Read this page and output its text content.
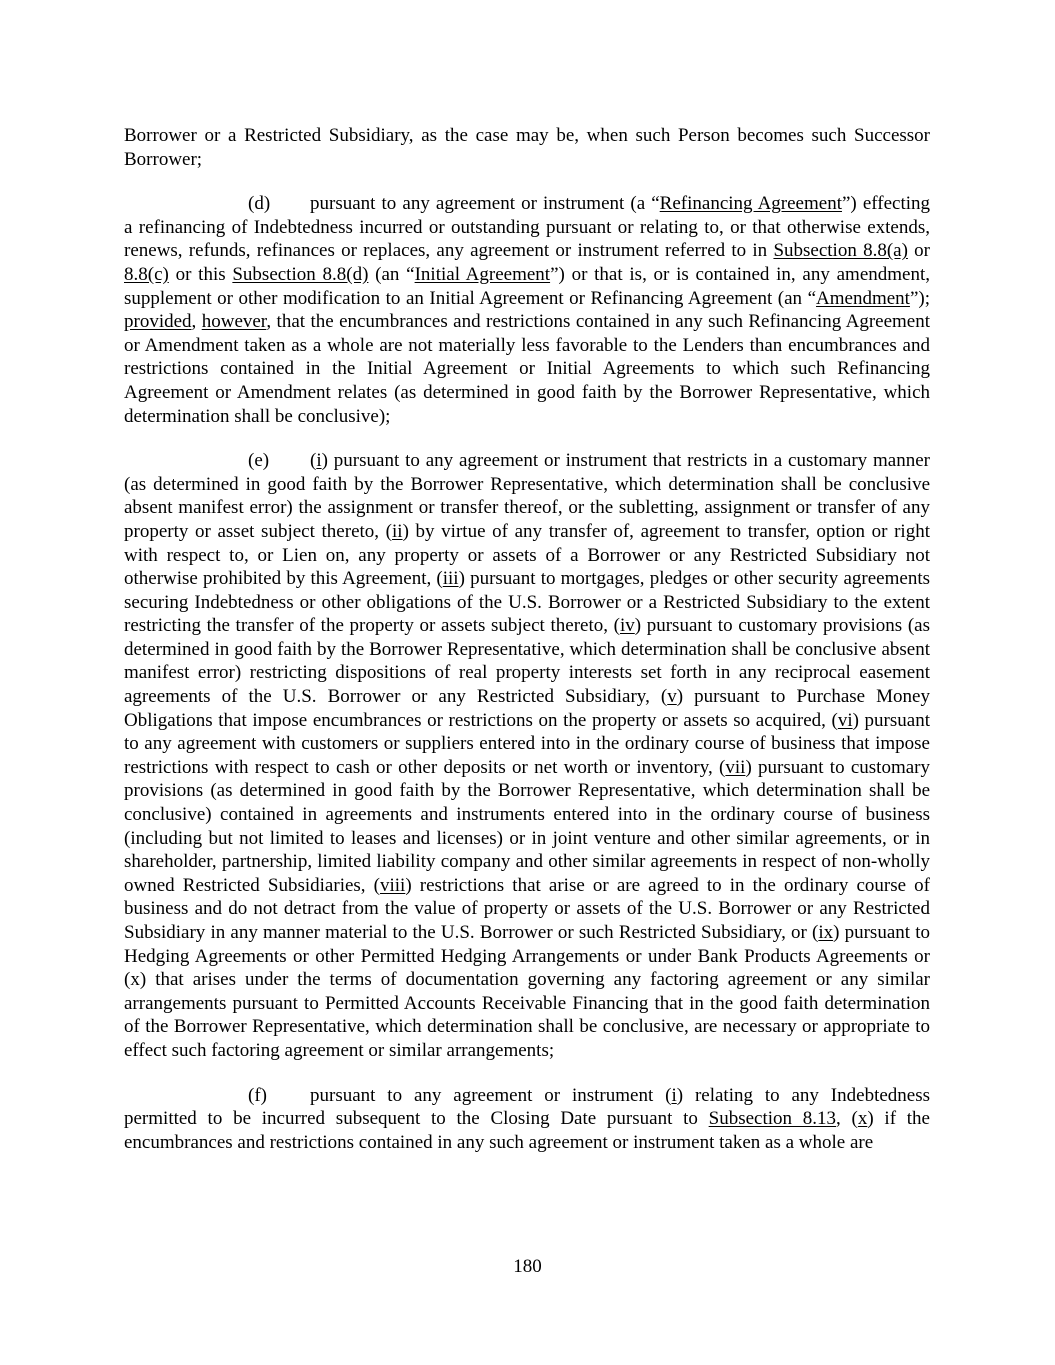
Borrower or a Restricted Subsidiary, as the case may be, when such Person becomes such Successor Borrower;

(d) pursuant to any agreement or instrument (a “Refinancing Agreement”) effecting a refinancing of Indebtedness incurred or outstanding pursuant or relating to, or that otherwise extends, renews, refunds, refinances or replaces, any agreement or instrument referred to in Subsection 8.8(a) or 8.8(c) or this Subsection 8.8(d) (an “Initial Agreement”) or that is, or is contained in, any amendment, supplement or other modification to an Initial Agreement or Refinancing Agreement (an “Amendment”); provided, however, that the encumbrances and restrictions contained in any such Refinancing Agreement or Amendment taken as a whole are not materially less favorable to the Lenders than encumbrances and restrictions contained in the Initial Agreement or Initial Agreements to which such Refinancing Agreement or Amendment relates (as determined in good faith by the Borrower Representative, which determination shall be conclusive);

(e) (i) pursuant to any agreement or instrument that restricts in a customary manner (as determined in good faith by the Borrower Representative, which determination shall be conclusive absent manifest error) the assignment or transfer thereof, or the subletting, assignment or transfer of any property or asset subject thereto, (ii) by virtue of any transfer of, agreement to transfer, option or right with respect to, or Lien on, any property or assets of a Borrower or any Restricted Subsidiary not otherwise prohibited by this Agreement, (iii) pursuant to mortgages, pledges or other security agreements securing Indebtedness or other obligations of the U.S. Borrower or a Restricted Subsidiary to the extent restricting the transfer of the property or assets subject thereto, (iv) pursuant to customary provisions (as determined in good faith by the Borrower Representative, which determination shall be conclusive absent manifest error) restricting dispositions of real property interests set forth in any reciprocal easement agreements of the U.S. Borrower or any Restricted Subsidiary, (v) pursuant to Purchase Money Obligations that impose encumbrances or restrictions on the property or assets so acquired, (vi) pursuant to any agreement with customers or suppliers entered into in the ordinary course of business that impose restrictions with respect to cash or other deposits or net worth or inventory, (vii) pursuant to customary provisions (as determined in good faith by the Borrower Representative, which determination shall be conclusive) contained in agreements and instruments entered into in the ordinary course of business (including but not limited to leases and licenses) or in joint venture and other similar agreements, or in shareholder, partnership, limited liability company and other similar agreements in respect of non-wholly owned Restricted Subsidiaries, (viii) restrictions that arise or are agreed to in the ordinary course of business and do not detract from the value of property or assets of the U.S. Borrower or any Restricted Subsidiary in any manner material to the U.S. Borrower or such Restricted Subsidiary, or (ix) pursuant to Hedging Agreements or other Permitted Hedging Arrangements or under Bank Products Agreements or (x) that arises under the terms of documentation governing any factoring agreement or any similar arrangements pursuant to Permitted Accounts Receivable Financing that in the good faith determination of the Borrower Representative, which determination shall be conclusive, are necessary or appropriate to effect such factoring agreement or similar arrangements;

(f) pursuant to any agreement or instrument (i) relating to any Indebtedness permitted to be incurred subsequent to the Closing Date pursuant to Subsection 8.13, (x) if the encumbrances and restrictions contained in any such agreement or instrument taken as a whole are

180
